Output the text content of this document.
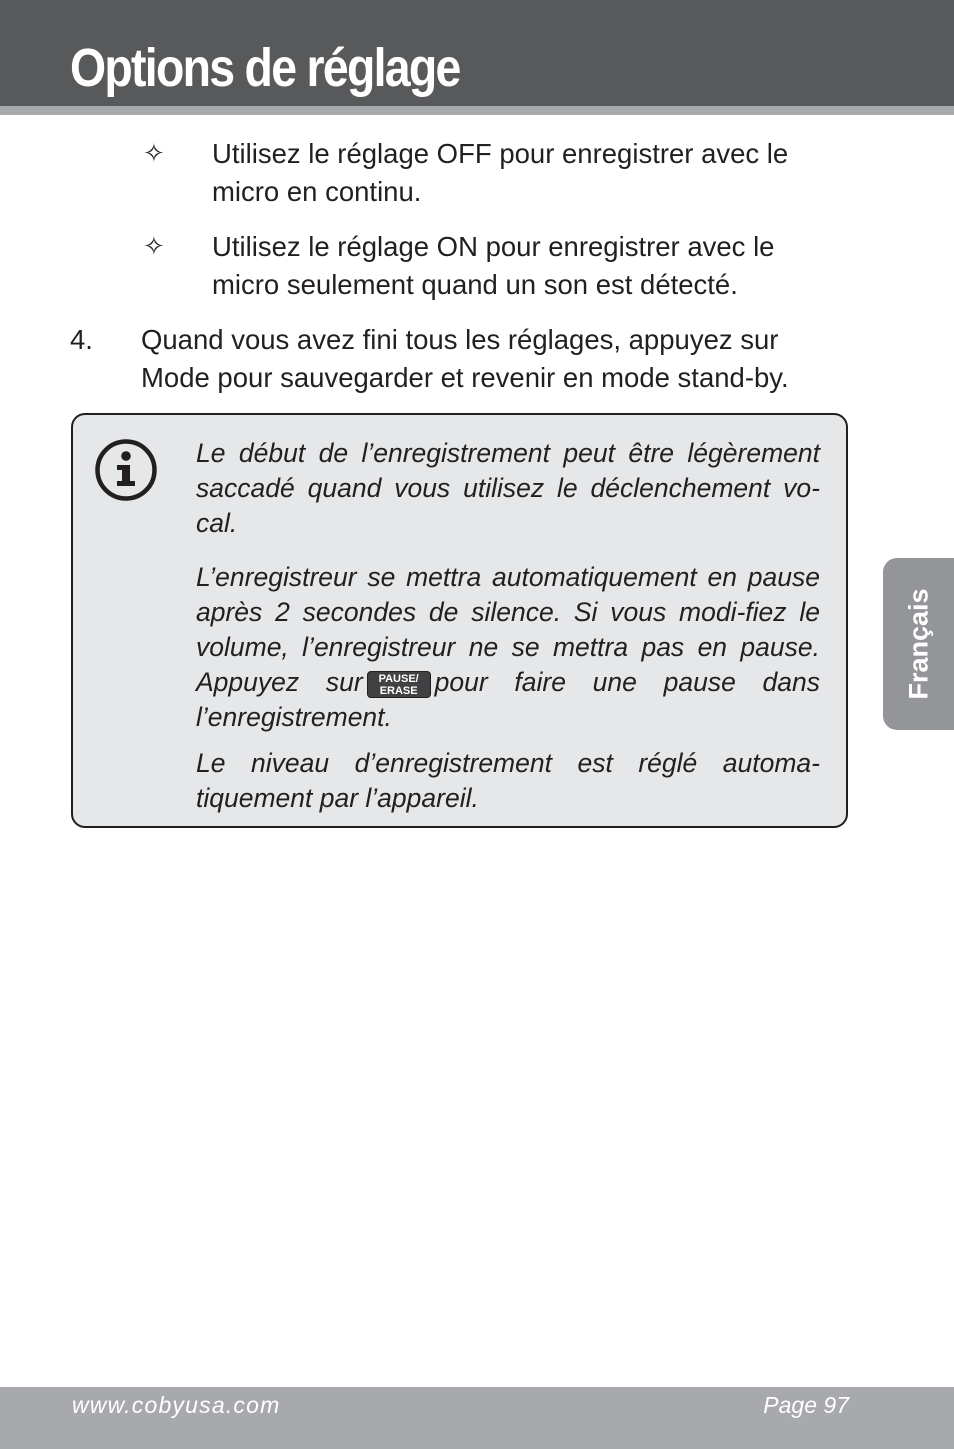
Options de réglage
✧ Utilisez le réglage OFF pour enregistrer avec le
micro en continu.
✧ Utilisez le réglage ON pour enregistrer avec le
micro seulement quand un son est détecté.
4. Quand vous avez fini tous les réglages, appuyez sur
Mode pour sauvegarder et revenir en mode stand-by.

Le début de l’enregistrement peut être légèrement saccadé quand vous utilisez le déclenchement vo-cal.

L’enregistreur se mettra automatiquement en pause après 2 secondes de silence. Si vous modi-fiez le volume, l’enregistreur ne se mettra pas en pause. Appuyez sur PAUSE/
ERASE pour faire une pause dans l’enregistrement.

Le niveau d’enregistrement est réglé automa-tiquement par l’appareil.

Français
www.cobyusa.com	Page 97
